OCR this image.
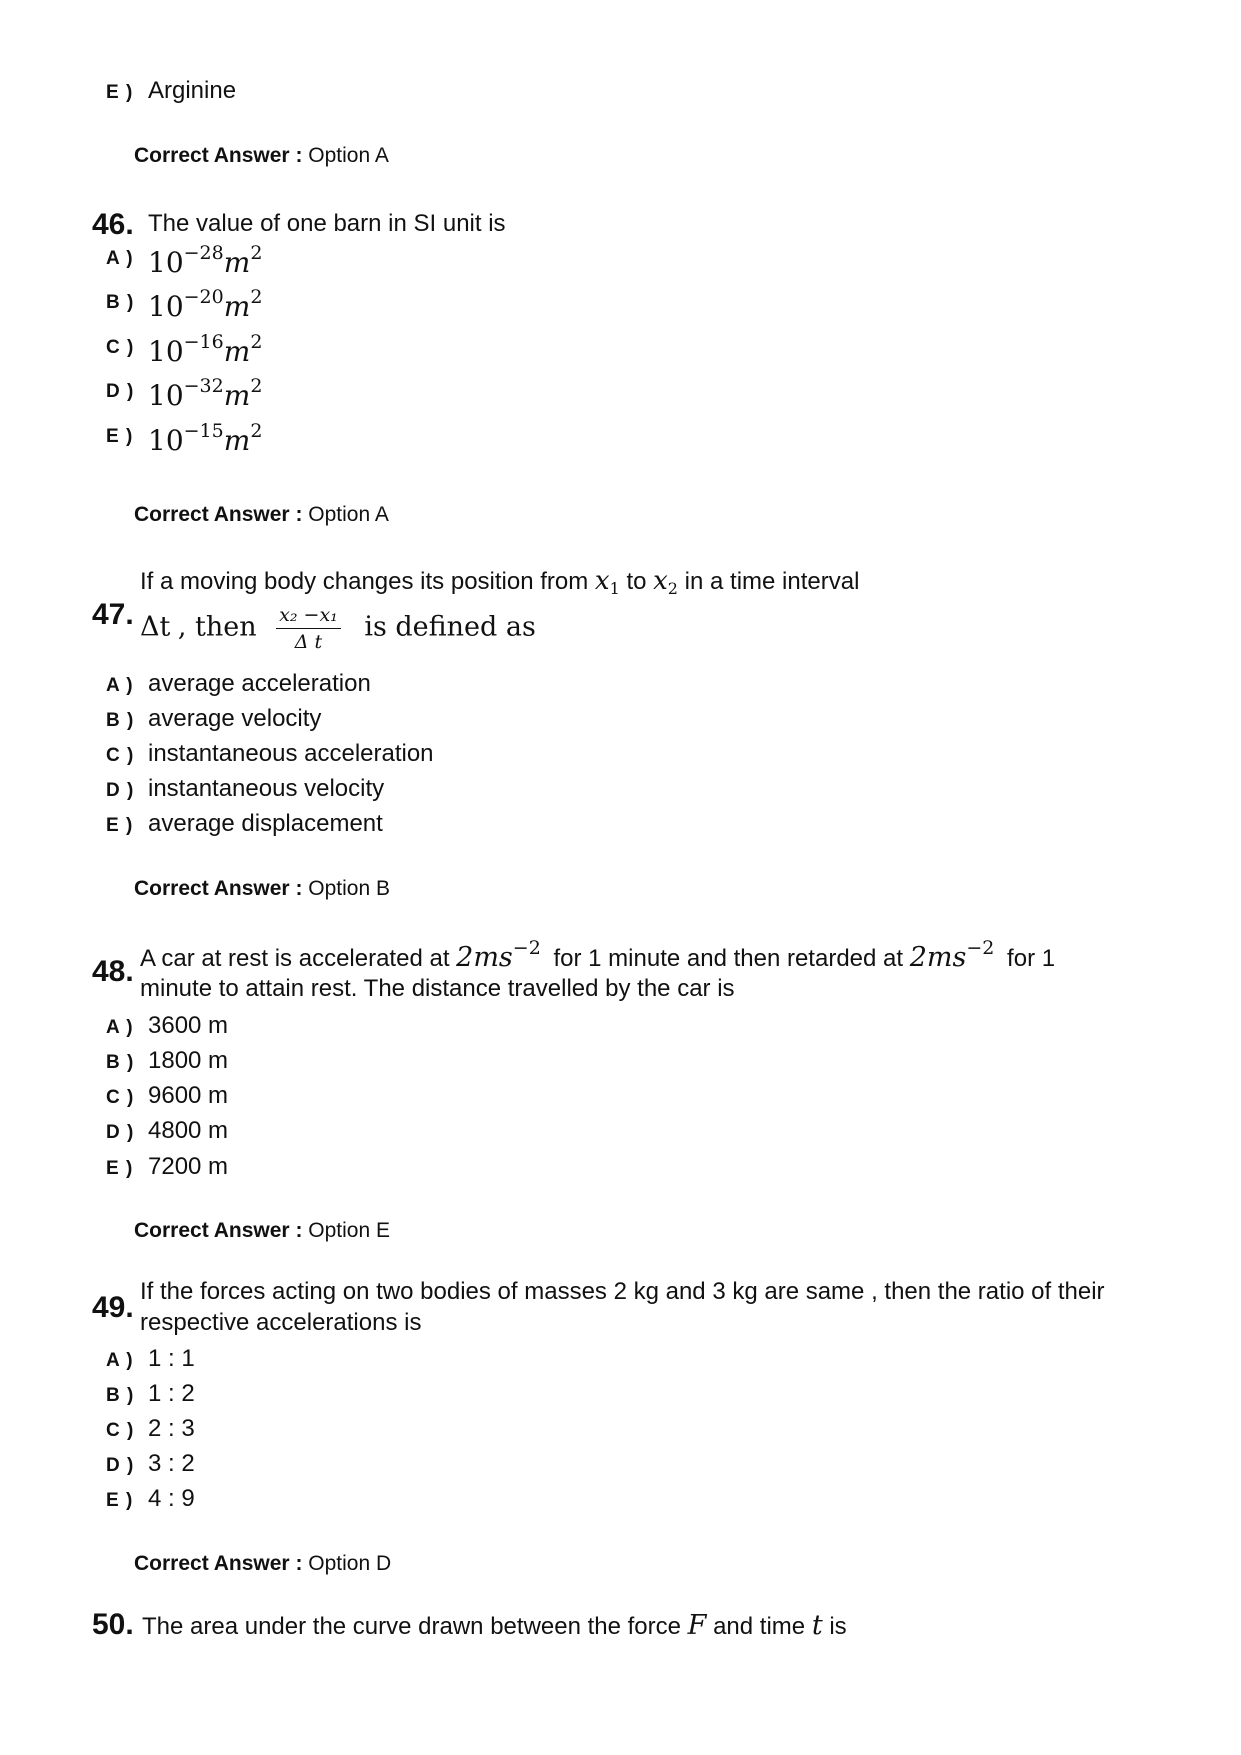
E ) Arginine
Correct Answer : Option A
46. The value of one barn in SI unit is
A ) $10^{-28}m^2$
B ) $10^{-20}m^2$
C ) $10^{-16}m^2$
D ) $10^{-32}m^2$
E ) $10^{-15}m^2$
Correct Answer : Option A
47.
If a moving body changes its position from $x_1$ to $x_2$ in a time interval
Δt , then $\frac{\text{x₂ −x₁}}{\text{Δ t}}$ is defined as
A ) average acceleration
B ) average velocity
C ) instantaneous acceleration
D ) instantaneous velocity
E ) average displacement
Correct Answer : Option B
48. A car at rest is accelerated at $2ms^{-2}$ for 1 minute and then retarded at $2ms^{-2}$ for 1
minute to attain rest. The distance travelled by the car is
A ) 3600 m
B ) 1800 m
C ) 9600 m
D ) 4800 m
E ) 7200 m
Correct Answer : Option E
49. If the forces acting on two bodies of masses 2 kg and 3 kg are same , then the ratio of their
respective accelerations is
A ) 1 : 1
B ) 1 : 2
C ) 2 : 3
D ) 3 : 2
E ) 4 : 9
Correct Answer : Option D
50. The area under the curve drawn between the force F and time t is
